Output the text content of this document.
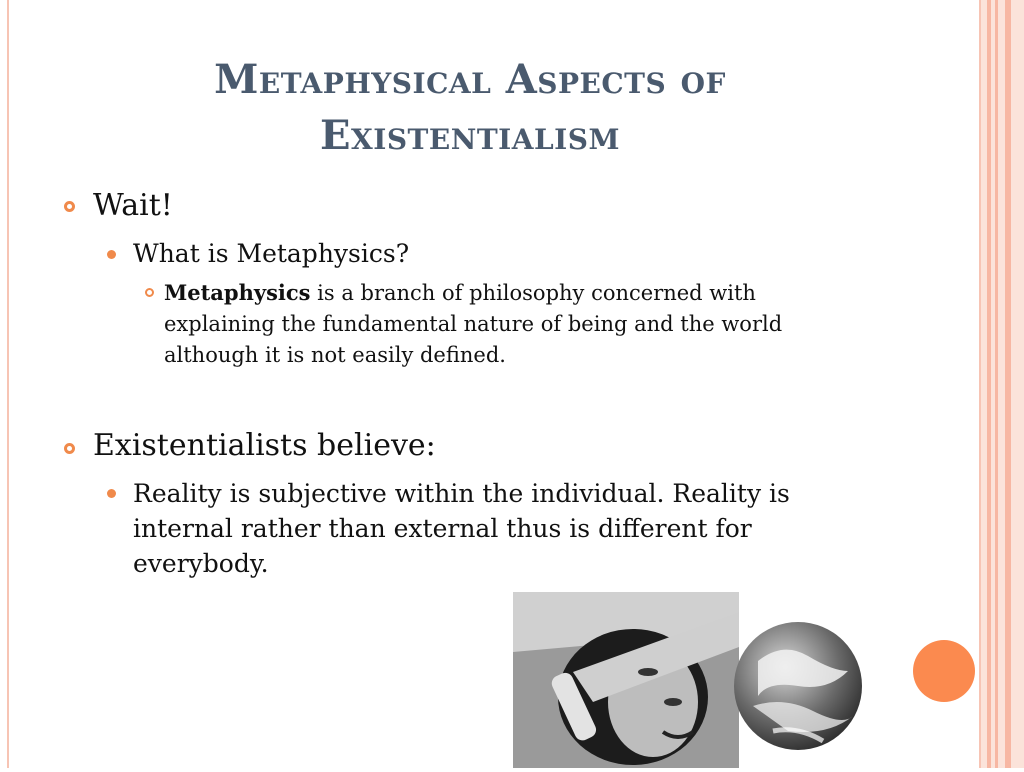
Metaphysical Aspects of
Existentialism
Wait!
What is Metaphysics?
Metaphysics is a branch of philosophy concerned with explaining the fundamental nature of being and the world although it is not easily defined.
Existentialists believe:
Reality is subjective within the individual. Reality is internal rather than external thus is different for everybody.
